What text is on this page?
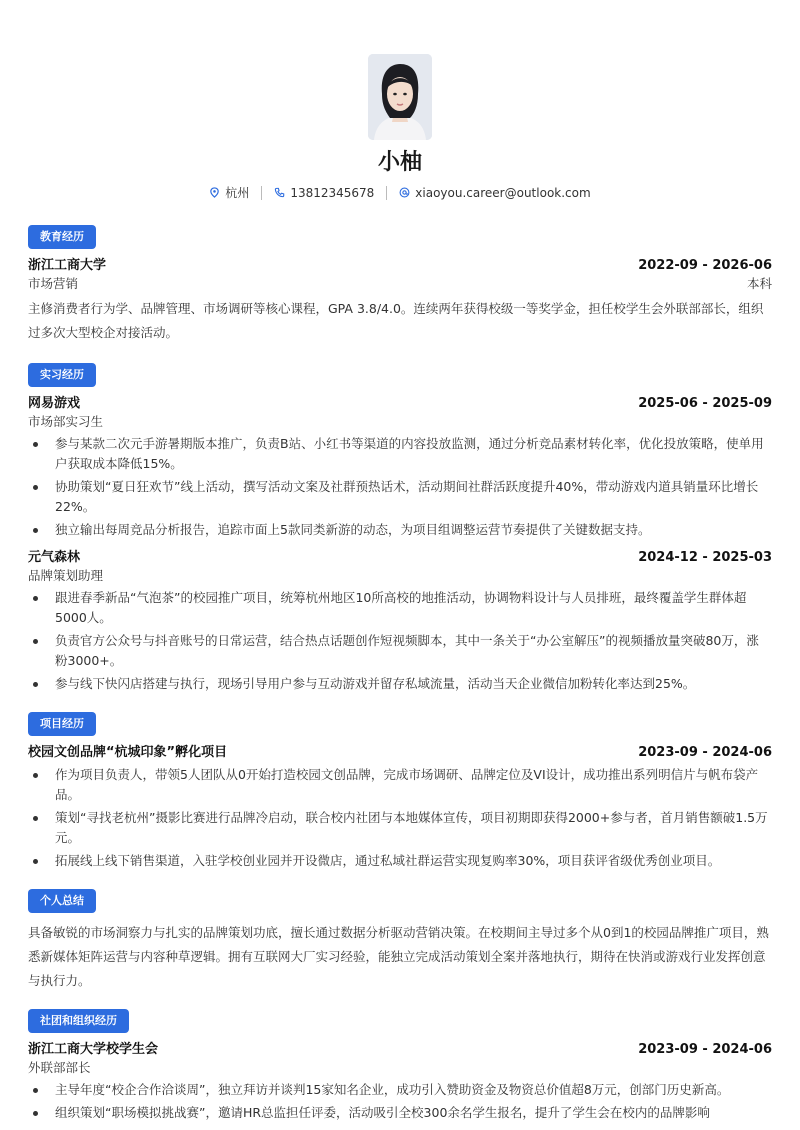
小柚
杭州	13812345678	xiaoyou.career@outlook.com
教育经历
浙江工商大学	2022-09 - 2026-06
市场营销	本科

主修消费者行为学、品牌管理、市场调研等核心课程，GPA 3.8/4.0。连续两年获得校级一等奖学金，担任校学生会外联部部长，组织过多次大型校企对接活动。

实习经历
网易游戏	2025-06 - 2025-09
市场部实习生
参与某款二次元手游暑期版本推广，负责B站、小红书等渠道的内容投放监测，通过分析竞品素材转化率，优化投放策略，使单用户获取成本降低15%。
协助策划“夏日狂欢节”线上活动，撰写活动文案及社群预热话术，活动期间社群活跃度提升40%，带动游戏内道具销量环比增长22%。
独立输出每周竞品分析报告，追踪市面上5款同类新游的动态，为项目组调整运营节奏提供了关键数据支持。
元气森林	2024-12 - 2025-03
品牌策划助理
跟进春季新品“气泡茶”的校园推广项目，统筹杭州地区10所高校的地推活动，协调物料设计与人员排班，最终覆盖学生群体超5000人。
负责官方公众号与抖音账号的日常运营，结合热点话题创作短视频脚本，其中一条关于“办公室解压”的视频播放量突破80万，涨粉3000+。
参与线下快闪店搭建与执行，现场引导用户参与互动游戏并留存私域流量，活动当天企业微信加粉转化率达到25%。
项目经历
校园文创品牌“杭城印象”孵化项目	2023-09 - 2024-06
作为项目负责人，带领5人团队从0开始打造校园文创品牌，完成市场调研、品牌定位及VI设计，成功推出系列明信片与帆布袋产品。
策划“寻找老杭州”摄影比赛进行品牌冷启动，联合校内社团与本地媒体宣传，项目初期即获得2000+参与者，首月销售额破1.5万元。
拓展线上线下销售渠道，入驻学校创业园并开设微店，通过私域社群运营实现复购率30%，项目获评省级优秀创业项目。
个人总结

具备敏锐的市场洞察力与扎实的品牌策划功底，擅长通过数据分析驱动营销决策。在校期间主导过多个从0到1的校园品牌推广项目，熟悉新媒体矩阵运营与内容种草逻辑。拥有互联网大厂实习经验，能独立完成活动策划全案并落地执行，期待在快消或游戏行业发挥创意与执行力。

社团和组织经历
浙江工商大学校学生会	2023-09 - 2024-06
外联部部长
主导年度“校企合作洽谈周”，独立拜访并谈判15家知名企业，成功引入赞助资金及物资总价值超8万元，创部门历史新高。
组织策划“职场模拟挑战赛”，邀请HR总监担任评委，活动吸引全校300余名学生报名，提升了学生会在校内的品牌影响
